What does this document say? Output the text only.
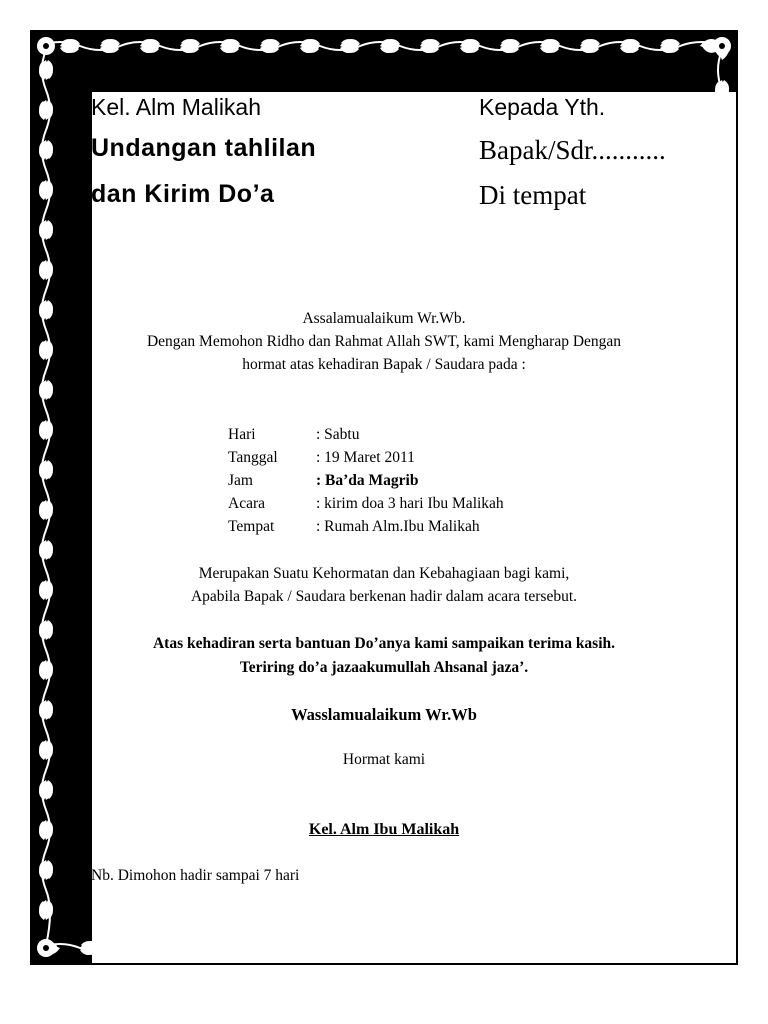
Kel. Alm Malikah
Undangan tahlilan
dan Kirim Do’a
Kepada Yth.
Bapak/Sdr...........
Di tempat
Assalamualaikum Wr.Wb.
Dengan Memohon Ridho dan Rahmat Allah SWT, kami Mengharap Dengan
hormat atas kehadiran Bapak / Saudara pada :
Hari	: Sabtu
Tanggal	: 19 Maret 2011
Jam	: Ba’da Magrib
Acara	: kirim doa 3 hari Ibu Malikah
Tempat	: Rumah Alm.Ibu Malikah
Merupakan Suatu Kehormatan dan Kebahagiaan bagi kami,
Apabila Bapak / Saudara berkenan hadir dalam acara tersebut.
Atas kehadiran serta bantuan Do’anya kami sampaikan terima kasih.
Teriring do’a jazaakumullah Ahsanal jaza’.
Wasslamualaikum Wr.Wb
Hormat kami
Kel. Alm Ibu Malikah
Nb. Dimohon hadir sampai 7 hari
